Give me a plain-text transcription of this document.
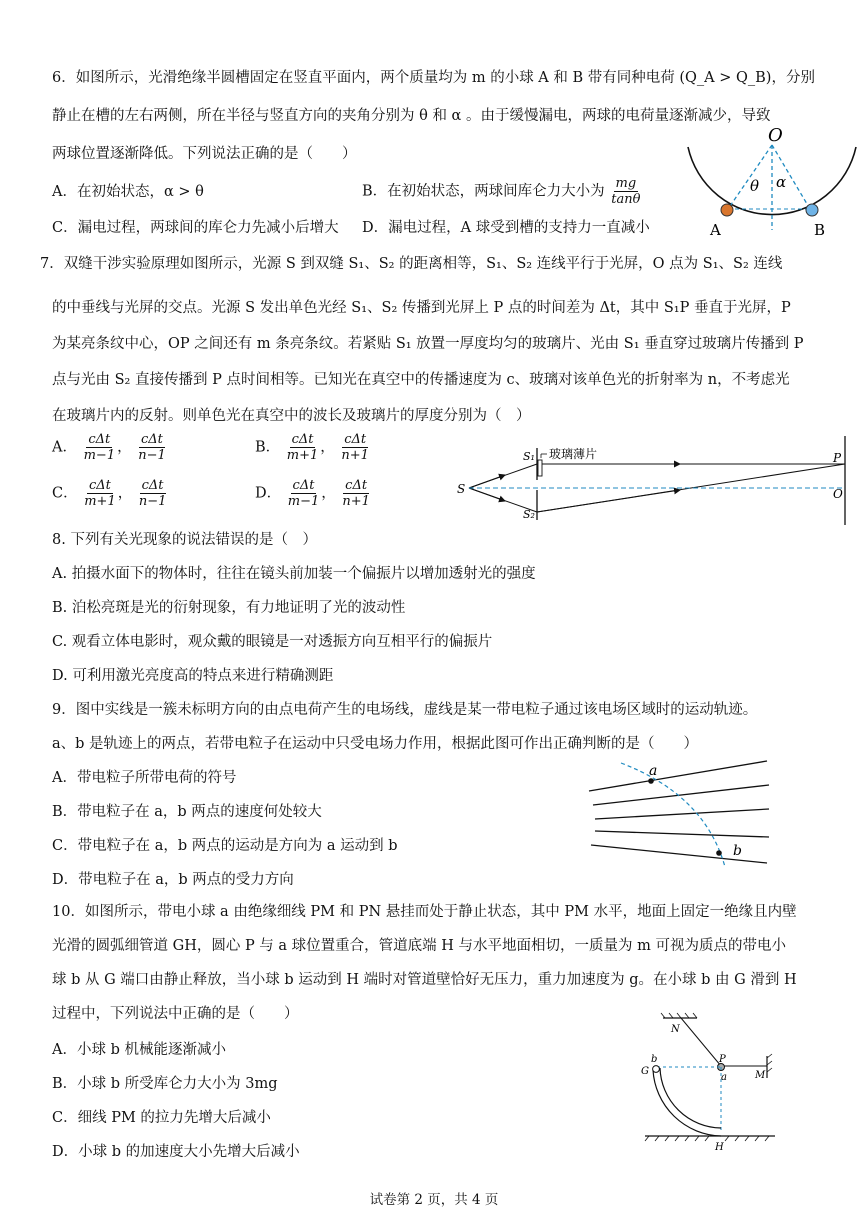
6．如图所示，光滑绝缘半圆槽固定在竖直平面内，两个质量均为 m 的小球 A 和 B 带有同种电荷 (Q_A > Q_B)，分别
静止在槽的左右两侧，所在半径与竖直方向的夹角分别为 θ 和 α 。由于缓慢漏电，两球的电荷量逐渐减少，导致
两球位置逐渐降低。下列说法正确的是（　　）
A．在初始状态，α > θ	B．在初始状态，两球间库仑力大小为 $\frac{mg}{\tan\theta}$
C．漏电过程，两球间的库仑力先减小后增大 D．漏电过程，A 球受到槽的支持力一直减小
O
θ α
A	B
7．双缝干涉实验原理如图所示，光源 S 到双缝 S₁、S₂ 的距离相等，S₁、S₂ 连线平行于光屏，O 点为 S₁、S₂ 连线
的中垂线与光屏的交点。光源 S 发出单色光经 S₁、S₂ 传播到光屏上 P 点的时间差为 Δt，其中 S₁P 垂直于光屏，P
为某亮条纹中心，OP 之间还有 m 条亮条纹。若紧贴 S₁ 放置一厚度均匀的玻璃片、光由 S₁ 垂直穿过玻璃片传播到 P
点与光由 S₂ 直接传播到 P 点时间相等。已知光在真空中的传播速度为 c、玻璃对该单色光的折射率为 n，不考虑光
在玻璃片内的反射。则单色光在真空中的波长及玻璃片的厚度分别为（　）
A． $\frac{\text{cΔt}}{m-1}$ ， $\frac{\text{cΔt}}{n-1}$	B． $\frac{\text{cΔt}}{m+1}$ ， $\frac{\text{cΔt}}{n+1}$
C． $\frac{\text{cΔt}}{m+1}$ ， $\frac{\text{cΔt}}{n-1}$	D． $\frac{\text{cΔt}}{m-1}$ ， $\frac{\text{cΔt}}{n+1}$	S
S₁
S₂
玻璃薄片	P
O
8. 下列有关光现象的说法错误的是（　）
A. 拍摄水面下的物体时，往往在镜头前加装一个偏振片以增加透射光的强度
B. 泊松亮斑是光的衍射现象，有力地证明了光的波动性
C. 观看立体电影时，观众戴的眼镜是一对透振方向互相平行的偏振片
D. 可利用激光亮度高的特点来进行精确测距
9．图中实线是一簇未标明方向的由点电荷产生的电场线，虚线是某一带电粒子通过该电场区域时的运动轨迹。
a、b 是轨迹上的两点，若带电粒子在运动中只受电场力作用，根据此图可作出正确判断的是（　　）
A．带电粒子所带电荷的符号
B．带电粒子在 a，b 两点的速度何处较大
C．带电粒子在 a，b 两点的运动是方向为 a 运动到 b
D．带电粒子在 a，b 两点的受力方向
a
b
10．如图所示，带电小球 a 由绝缘细线 PM 和 PN 悬挂而处于静止状态，其中 PM 水平，地面上固定一绝缘且内壁
光滑的圆弧细管道 GH，圆心 P 与 a 球位置重合，管道底端 H 与水平地面相切，一质量为 m 可视为质点的带电小
球 b 从 G 端口由静止释放，当小球 b 运动到 H 端时对管道壁恰好无压力，重力加速度为 g。在小球 b 由 G 滑到 H
过程中，下列说法中正确的是（　　）
A．小球 b 机械能逐渐减小
B．小球 b 所受库仑力大小为 3mg
C．细线 PM 的拉力先增大后减小
D．小球 b 的加速度大小先增大后减小
N
P
M
a
b
G
H
试卷第 2 页，共 4 页
